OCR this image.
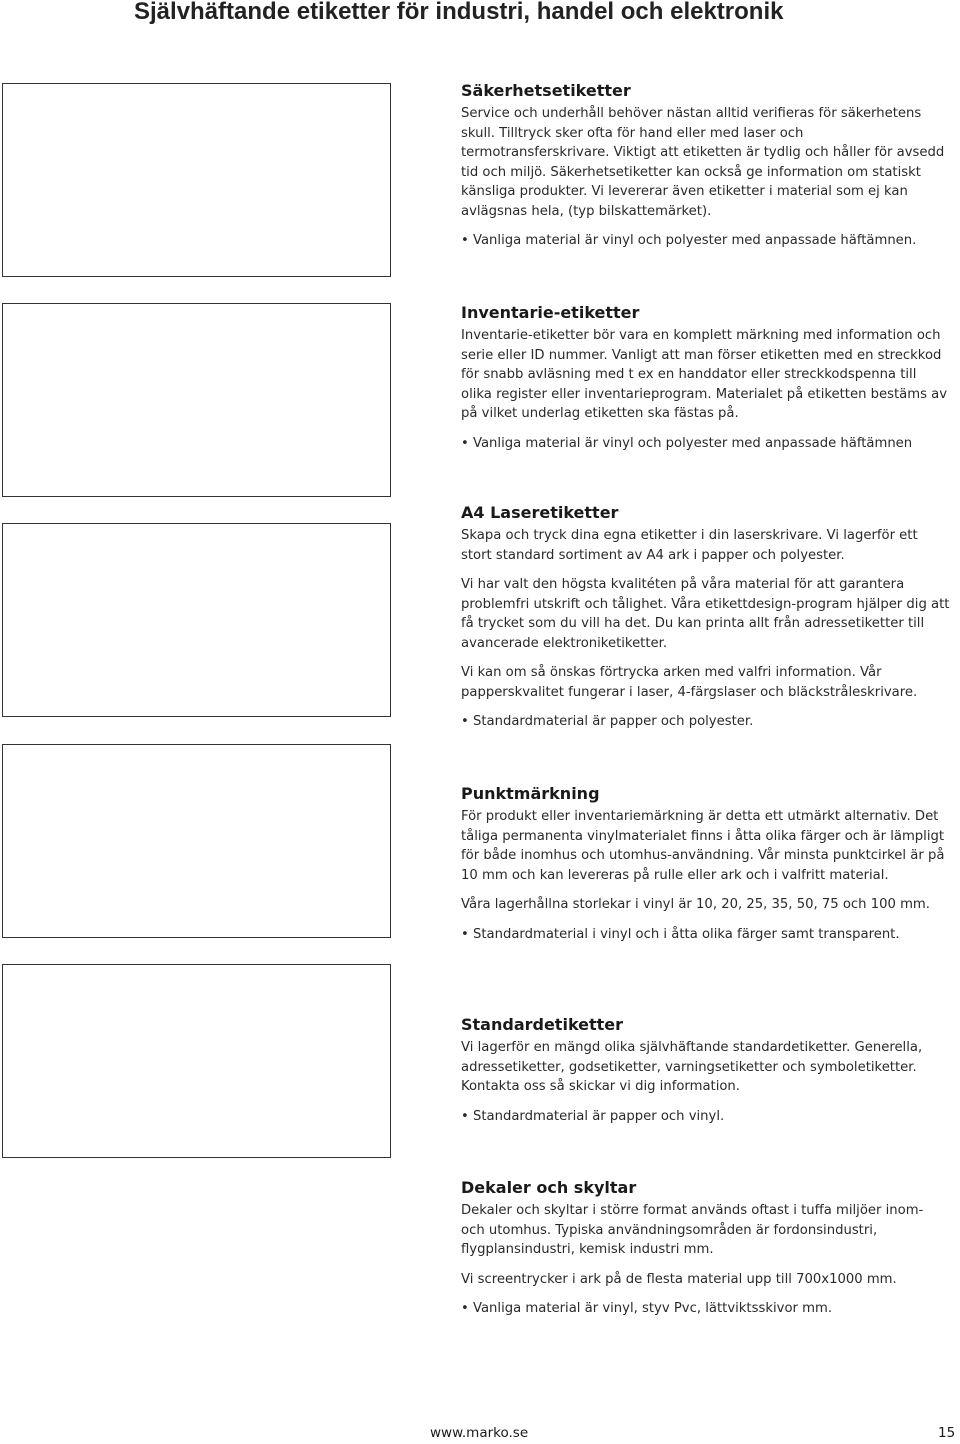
Självhäftande etiketter för industri, handel och elektronik
Säkerhetsetiketter

Service och underhåll behöver nästan alltid verifieras för säkerhetens skull. Tilltryck sker ofta för hand eller med laser och termotransferskrivare. Viktigt att etiketten är tydlig och håller för avsedd tid och miljö. Säkerhetsetiketter kan också ge information om statiskt känsliga produkter. Vi levererar även etiketter i material som ej kan avlägsnas hela, (typ bilskattemärket).

• Vanliga material är vinyl och polyester med anpassade häftämnen.

Inventarie-etiketter

Inventarie-etiketter bör vara en komplett märkning med information och serie eller ID nummer. Vanligt att man förser etiketten med en streckkod för snabb avläsning med t ex en handdator eller streckkodspenna till olika register eller inventarieprogram. Materialet på etiketten bestäms av på vilket underlag etiketten ska fästas på.

• Vanliga material är vinyl och polyester med anpassade häftämnen

A4 Laseretiketter

Skapa och tryck dina egna etiketter i din laserskrivare. Vi lagerför ett stort standard sortiment av A4 ark i papper och polyester.

Vi har valt den högsta kvalitéten på våra material för att garantera problemfri utskrift och tålighet. Våra etikettdesign-program hjälper dig att få trycket som du vill ha det. Du kan printa allt från adressetiketter till avancerade elektroniketiketter.

Vi kan om så önskas förtrycka arken med valfri information. Vår papperskvalitet fungerar i laser, 4-färgslaser och bläckstråleskrivare.

• Standardmaterial är papper och polyester.

Punktmärkning

För produkt eller inventariemärkning är detta ett utmärkt alternativ. Det tåliga permanenta vinylmaterialet finns i åtta olika färger och är lämpligt för både inomhus och utomhus-användning. Vår minsta punktcirkel är på 10 mm och kan levereras på rulle eller ark och i valfritt material.

Våra lagerhållna storlekar i vinyl är 10, 20, 25, 35, 50, 75 och 100 mm.

• Standardmaterial i vinyl och i åtta olika färger samt transparent.

Standardetiketter

Vi lagerför en mängd olika självhäftande standardetiketter. Generella, adressetiketter, godsetiketter, varningsetiketter och symboletiketter. Kontakta oss så skickar vi dig information.

• Standardmaterial är papper och vinyl.

Dekaler och skyltar

Dekaler och skyltar i större format används oftast i tuffa miljöer inom- och utomhus. Typiska användningsområden är fordonsindustri, flygplansindustri, kemisk industri mm.

Vi screentrycker i ark på de flesta material upp till 700x1000 mm.

• Vanliga material är vinyl, styv Pvc, lättviktsskivor mm.

www.marko.se	15
